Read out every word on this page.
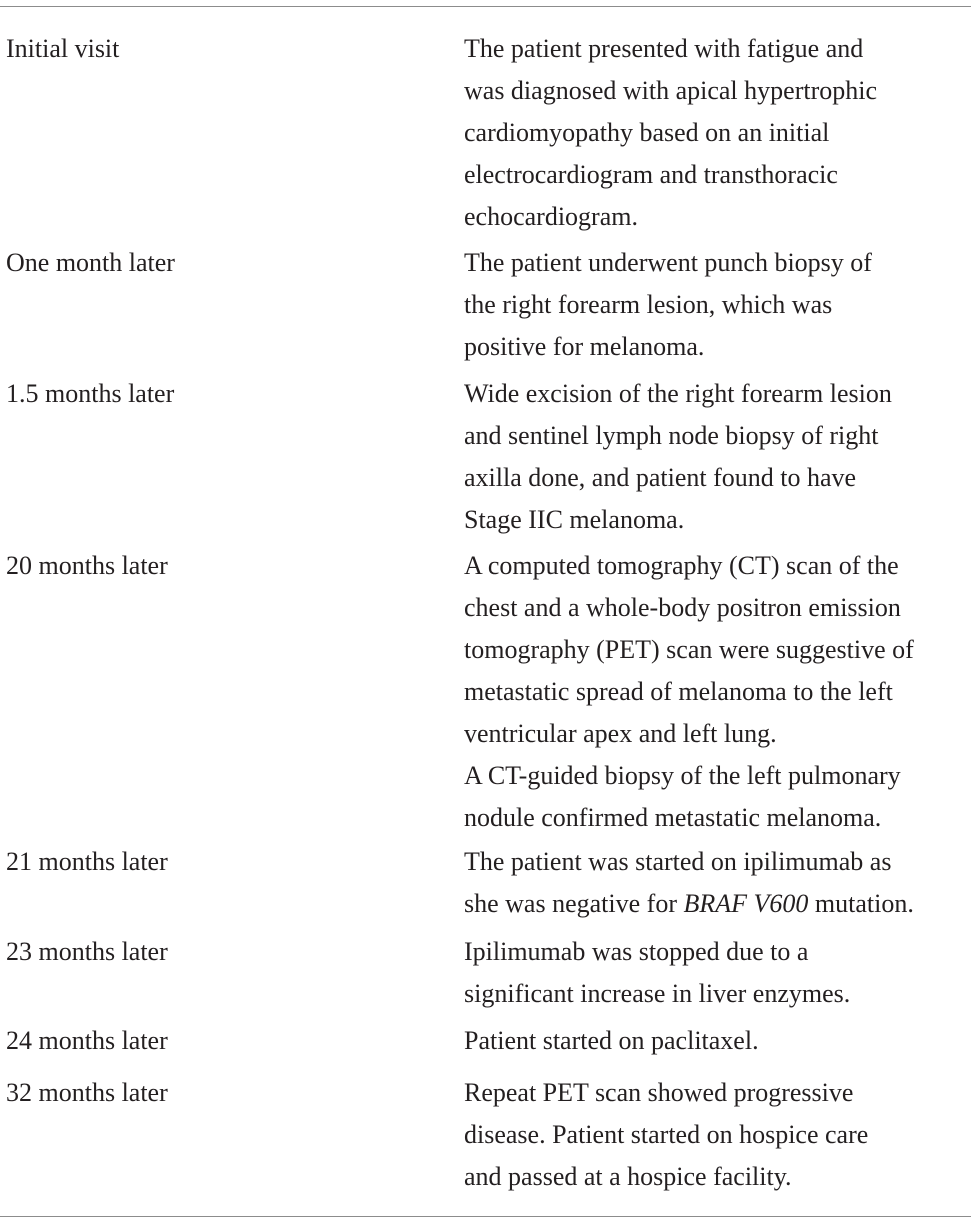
Initial visit	The patient presented with fatigue and
was diagnosed with apical hypertrophic
cardiomyopathy based on an initial
electrocardiogram and transthoracic
echocardiogram.
One month later	The patient underwent punch biopsy of
the right forearm lesion, which was
positive for melanoma.
1.5 months later	Wide excision of the right forearm lesion
and sentinel lymph node biopsy of right
axilla done, and patient found to have
Stage IIC melanoma.
20 months later	A computed tomography (CT) scan of the
chest and a whole-body positron emission
tomography (PET) scan were suggestive of
metastatic spread of melanoma to the left
ventricular apex and left lung.
A CT-guided biopsy of the left pulmonary
nodule confirmed metastatic melanoma.
21 months later	The patient was started on ipilimumab as
she was negative for BRAF V600 mutation.
23 months later	Ipilimumab was stopped due to a
significant increase in liver enzymes.
24 months later	Patient started on paclitaxel.
32 months later	Repeat PET scan showed progressive
disease. Patient started on hospice care
and passed at a hospice facility.
